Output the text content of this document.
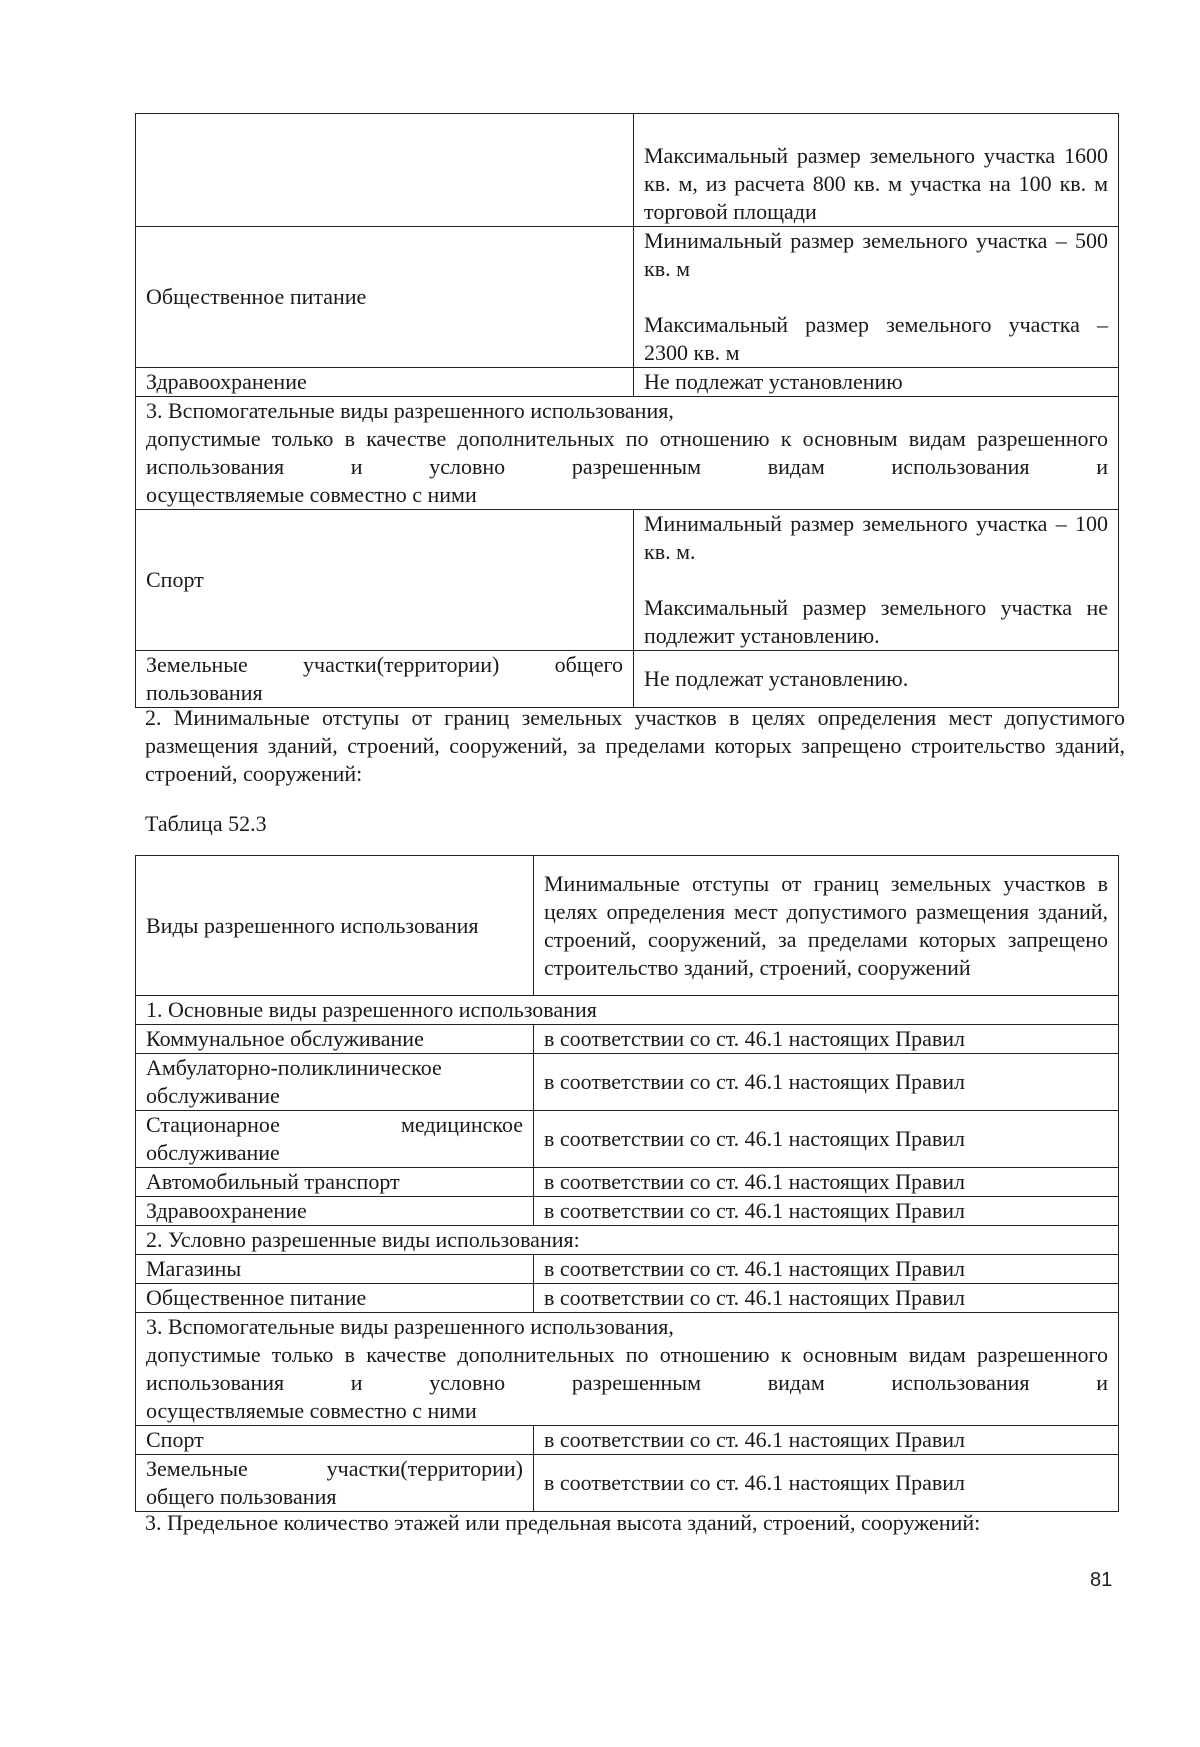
	Максимальный размер земельного участка 1600 кв. м, из расчета 800 кв. м участка на 100 кв. м торговой площади
Общественное питание	Минимальный размер земельного участка – 500 кв. м
Максимальный размер земельного участка – 2300 кв. м
Здравоохранение	Не подлежат установлению

3. Вспомогательные виды разрешенного использования,
допустимые только в качестве дополнительных по отношению к основным видам разрешенного использования и условно разрешенным видам использования и
осуществляемые совместно с ними	

Спорт	Минимальный размер земельного участка – 100 кв. м.
Максимальный размер земельного участка не подлежит установлению.

Земельные участки(территории) общего
пользования	Не подлежат установлению.
2. Минимальные отступы от границ земельных участков в целях определения мест допустимого размещения зданий, строений, сооружений, за пределами которых запрещено строительство зданий, строений, сооружений:
Таблица 52.3
Виды разрешенного использования	Минимальные отступы от границ земельных участков в целях определения мест допустимого размещения зданий, строений, сооружений, за пределами которых запрещено строительство зданий, строений, сооружений
1. Основные виды разрешенного использования	
Коммунальное обслуживание	в соответствии со ст. 46.1 настоящих Правил
Амбулаторно-поликлиническое обслуживание	в соответствии со ст. 46.1 настоящих Правил
Стационарное медицинское обслуживание	в соответствии со ст. 46.1 настоящих Правил
Автомобильный транспорт	в соответствии со ст. 46.1 настоящих Правил
Здравоохранение	в соответствии со ст. 46.1 настоящих Правил
2. Условно разрешенные виды использования:	
Магазины	в соответствии со ст. 46.1 настоящих Правил
Общественное питание	в соответствии со ст. 46.1 настоящих Правил

3. Вспомогательные виды разрешенного использования,
допустимые только в качестве дополнительных по отношению к основным видам разрешенного использования и условно разрешенным видам использования и
осуществляемые совместно с ними	

Спорт	в соответствии со ст. 46.1 настоящих Правил
Земельные участки(территории) общего пользования	в соответствии со ст. 46.1 настоящих Правил
3. Предельное количество этажей или предельная высота зданий, строений, сооружений:
81
